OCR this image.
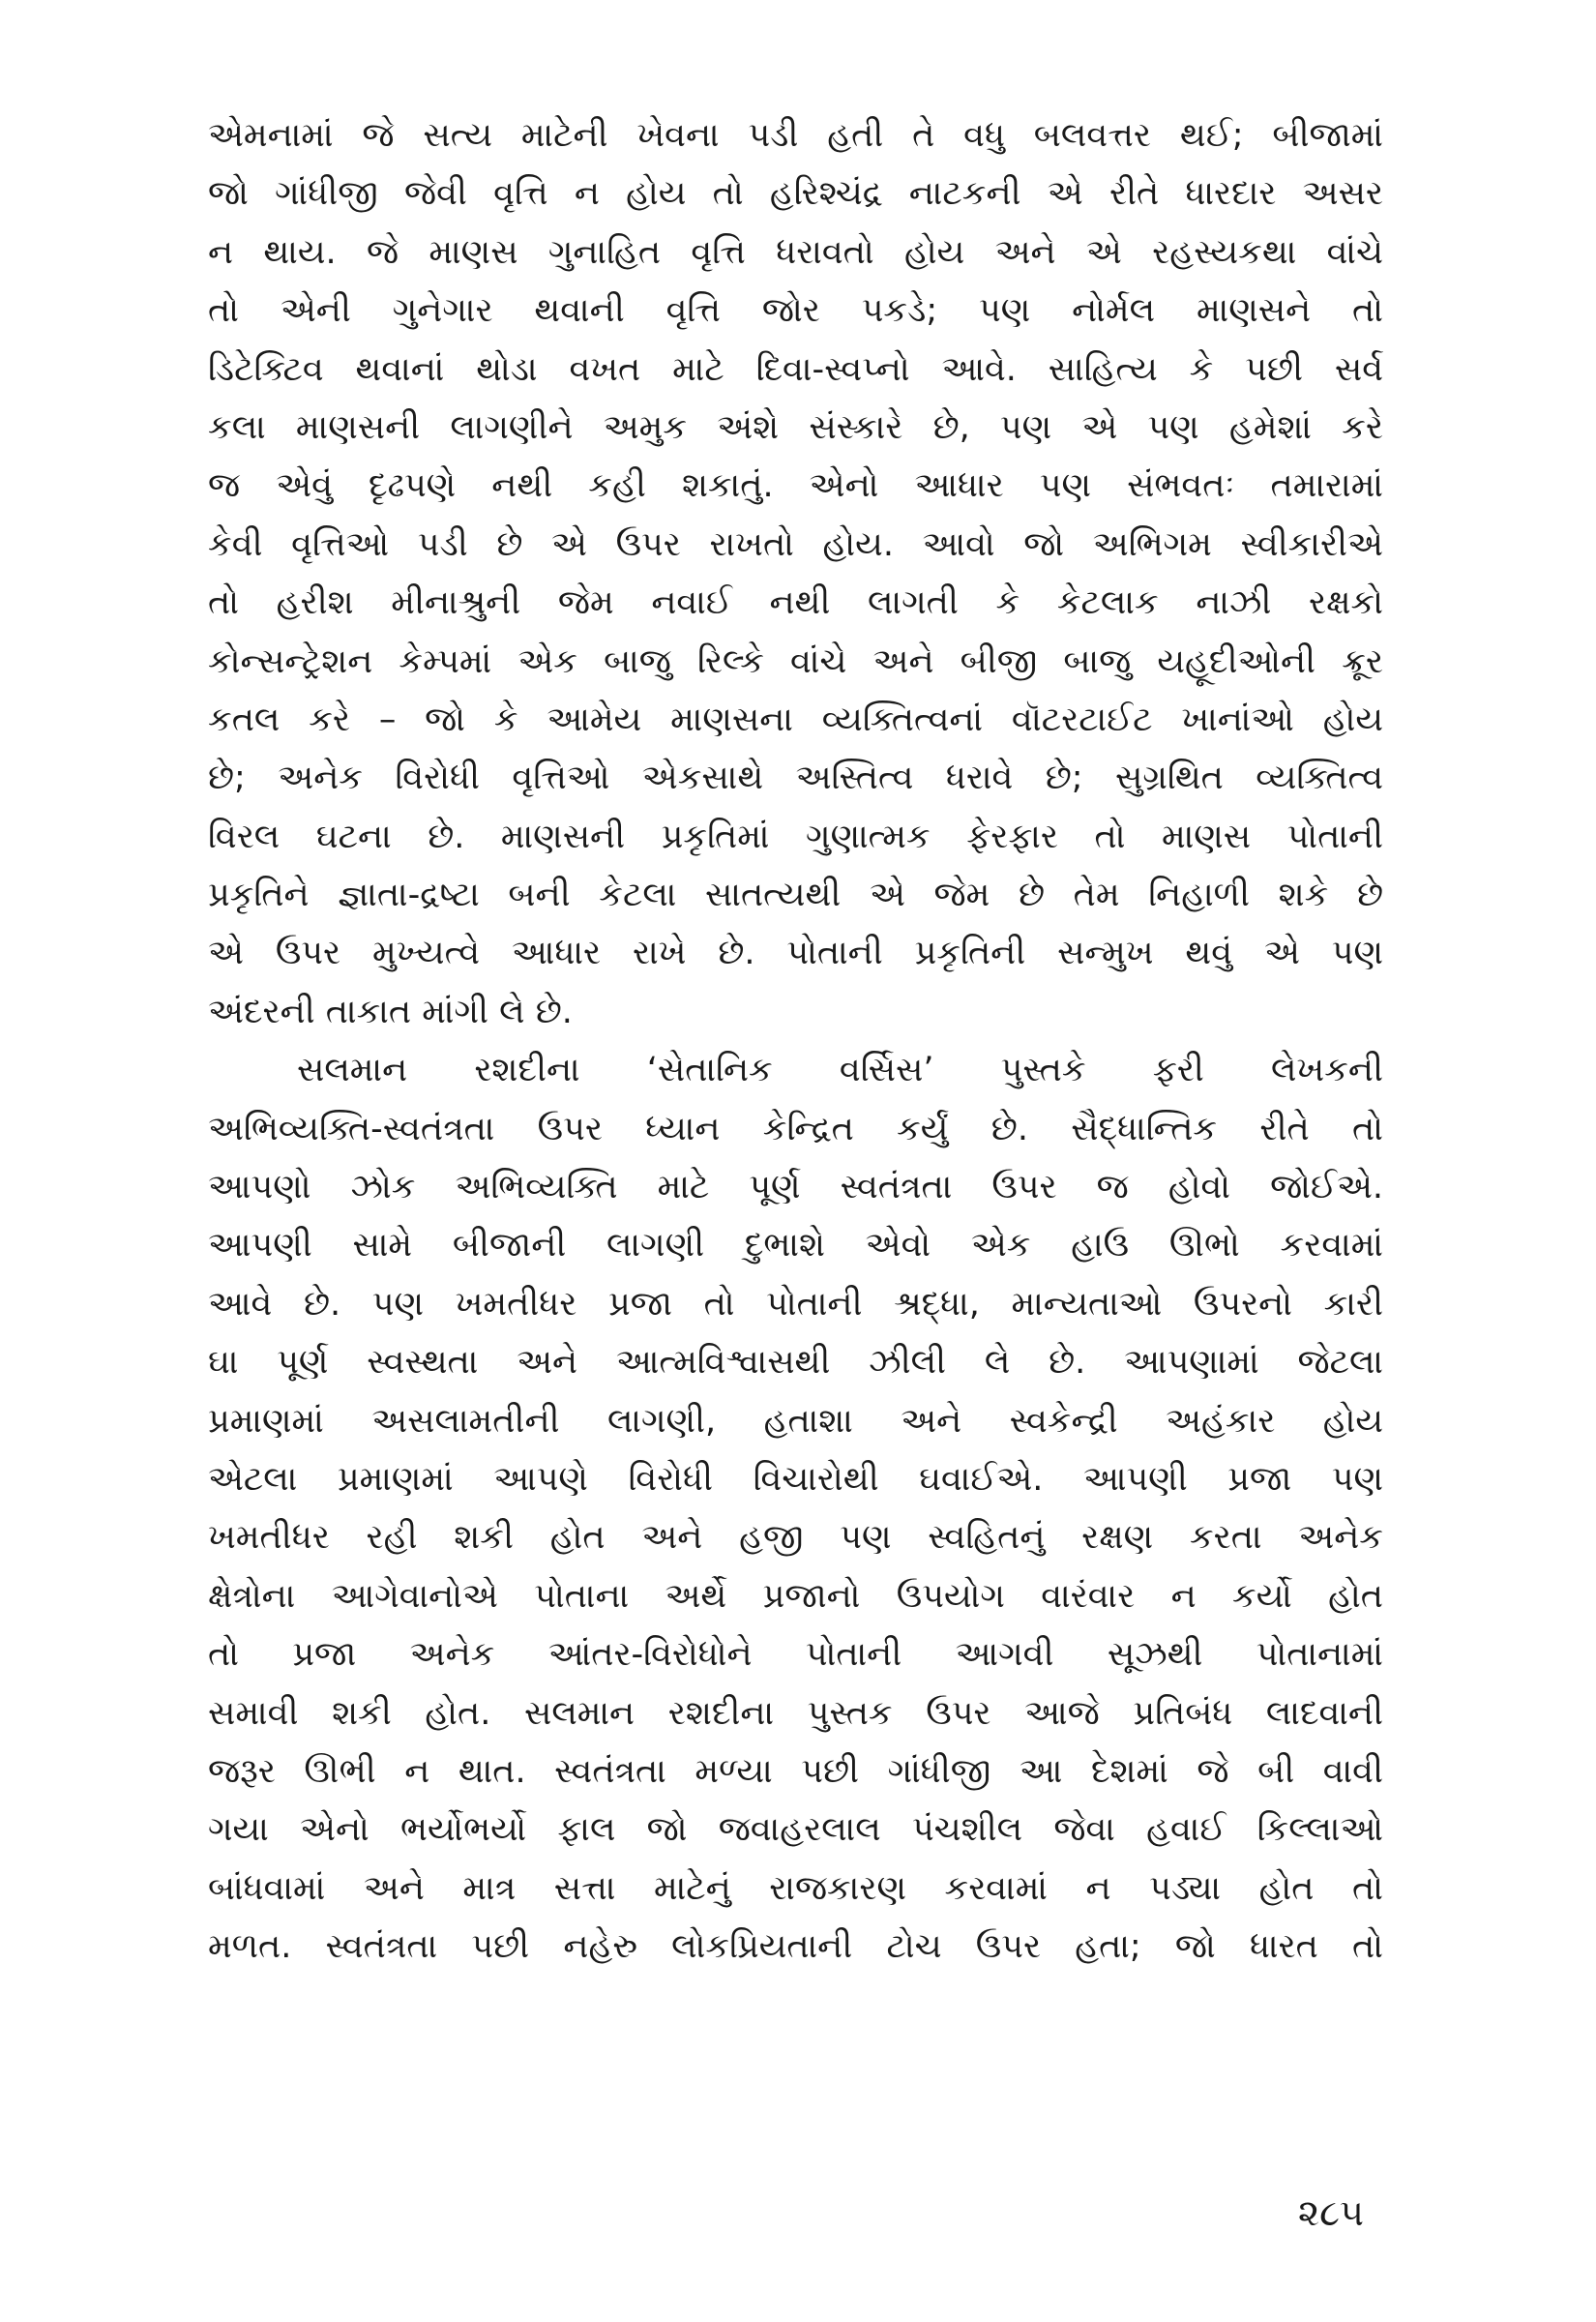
એમનામાં જે સત્ય માટેની ખેવના પડી હતી તે વધુ બલવત્તર થઈ; બીજામાં
જો ગાંધીજી જેવી વૃત્તિ ન હોય તો હરિશ્ચંદ્ર નાટકની એ રીતે ધારદાર અસર
ન થાય. જે માણસ ગુનાહિત વૃત્તિ ધરાવતો હોય અને એ રહસ્યકથા વાંચે
તો એની ગુનેગાર થવાની વૃત્તિ જોર પકડે; પણ નોર્મલ માણસને તો
ડિટેક્ટિવ થવાનાં થોડા વખત માટે દિવા-સ્વપ્નો આવે. સાહિત્ય કે પછી સર્વ
કલા માણસની લાગણીને અમુક અંશે સંસ્કારે છે, પણ એ પણ હમેશાં કરે
જ એવું દૃઢપણે નથી કહી શકાતું. એનો આધાર પણ સંભવતઃ તમારામાં
કેવી વૃત્તિઓ પડી છે એ ઉપર રાખતો હોય. આવો જો અભિગમ સ્વીકારીએ
તો હરીશ મીનાશ્રુની જેમ નવાઈ નથી લાગતી કે કેટલાક નાઝી રક્ષકો
કોન્સન્ટ્રેશન કેમ્પમાં એક બાજુ રિલ્કે વાંચે અને બીજી બાજુ યહૂદીઓની ક્રૂર
કતલ કરે – જો કે આમેય માણસના વ્યક્તિત્વનાં વૉટરટાઈટ ખાનાંઓ હોય
છે; અનેક વિરોધી વૃત્તિઓ એકસાથે અસ્તિત્વ ધરાવે છે; સુગ્રથિત વ્યક્તિત્વ
વિરલ ઘટના છે. માણસની પ્રકૃતિમાં ગુણાત્મક ફેરફાર તો માણસ પોતાની
પ્રકૃતિને જ્ઞાતા-દ્રષ્ટા બની કેટલા સાતત્યથી એ જેમ છે તેમ નિહાળી શકે છે
એ ઉપર મુખ્યત્વે આધાર રાખે છે. પોતાની પ્રકૃતિની સન્મુખ થવું એ પણ
અંદરની તાકાત માંગી લે છે.
સલમાન રશદીના ‘સેતાનિક વર્સિસ’ પુસ્તકે ફરી લેખકની
અભિવ્યક્તિ-સ્વતંત્રતા ઉપર ધ્યાન કેન્દ્રિત કર્યું છે. સૈદ્ધાન્તિક રીતે તો
આપણો ઝોક અભિવ્યક્તિ માટે પૂર્ણ સ્વતંત્રતા ઉપર જ હોવો જોઈએ.
આપણી સામે બીજાની લાગણી દુભાશે એવો એક હાઉ ઊભો કરવામાં
આવે છે. પણ ખમતીધર પ્રજા તો પોતાની શ્રદ્ધા, માન્યતાઓ ઉપરનો કારી
ઘા પૂર્ણ સ્વસ્થતા અને આત્મવિશ્વાસથી ઝીલી લે છે. આપણામાં જેટલા
પ્રમાણમાં અસલામતીની લાગણી, હતાશા અને સ્વકેન્દ્રી અહંકાર હોય
એટલા પ્રમાણમાં આપણે વિરોધી વિચારોથી ઘવાઈએ. આપણી પ્રજા પણ
ખમતીધર રહી શકી હોત અને હજી પણ સ્વહિતનું રક્ષણ કરતા અનેક
ક્ષેત્રોના આગેવાનોએ પોતાના અર્થે પ્રજાનો ઉપયોગ વારંવાર ન કર્યો હોત
તો પ્રજા અનેક આંતર-વિરોધોને પોતાની આગવી સૂઝથી પોતાનામાં
સમાવી શકી હોત. સલમાન રશદીના પુસ્તક ઉપર આજે પ્રતિબંધ લાદવાની
જરૂર ઊભી ન થાત. સ્વતંત્રતા મળ્યા પછી ગાંધીજી આ દેશમાં જે બી વાવી
ગયા એનો ભર્યોભર્યો ફાલ જો જવાહરલાલ પંચશીલ જેવા હવાઈ કિલ્લાઓ
બાંધવામાં અને માત્ર સત્તા માટેનું રાજકારણ કરવામાં ન પડ્યા હોત તો
મળત. સ્વતંત્રતા પછી નહેરુ લોકપ્રિયતાની ટોચ ઉપર હતા; જો ધારત તો
૨૮૫
